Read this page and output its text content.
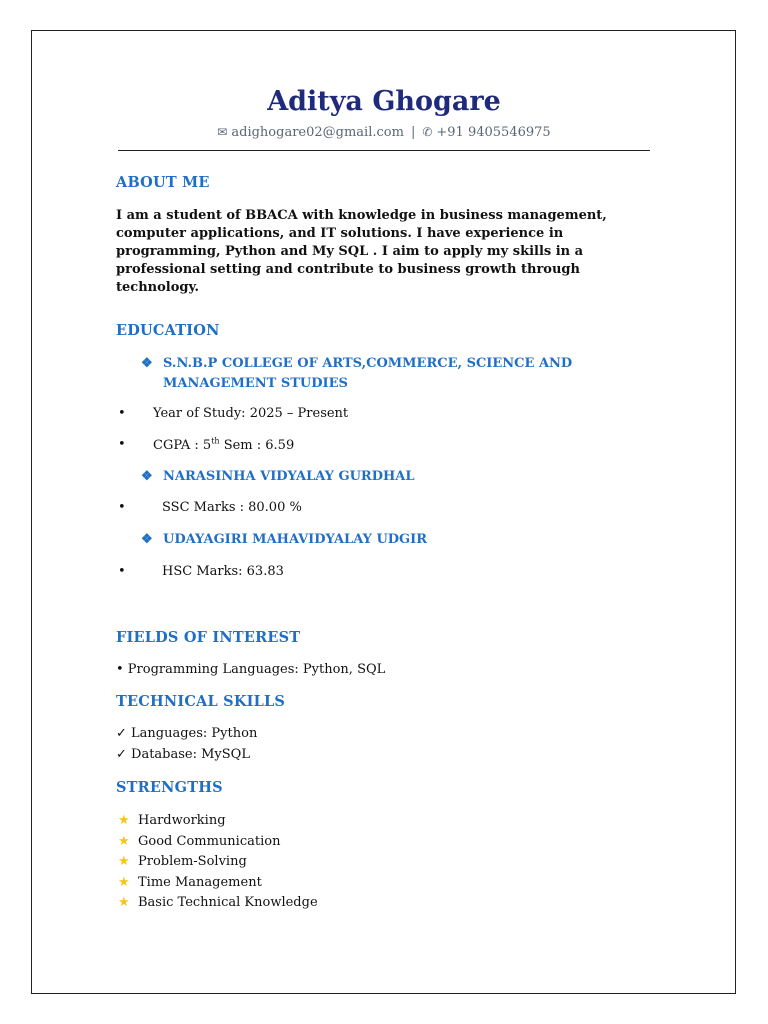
Aditya Ghogare
✉ adighogare02@gmail.com | ✆ +91 9405546975
ABOUT ME
I am a student of BBACA with knowledge in business management, computer applications, and IT solutions. I have experience in programming, Python and My SQL . I aim to apply my skills in a professional setting and contribute to business growth through technology.
EDUCATION
❖ S.N.B.P COLLEGE OF ARTS,COMMERCE, SCIENCE AND MANAGEMENT STUDIES
• Year of Study: 2025 – Present
• CGPA : 5th Sem : 6.59
❖ NARASINHA VIDYALAY GURDHAL
•	SSC Marks : 80.00 %
❖ UDAYAGIRI MAHAVIDYALAY UDGIR
•	HSC Marks: 63.83
FIELDS OF INTEREST
• Programming Languages: Python, SQL
TECHNICAL SKILLS
✓ Languages: Python
✓ Database: MySQL
STRENGTHS
★ Hardworking
★ Good Communication
★ Problem-Solving
★ Time Management
★ Basic Technical Knowledge
